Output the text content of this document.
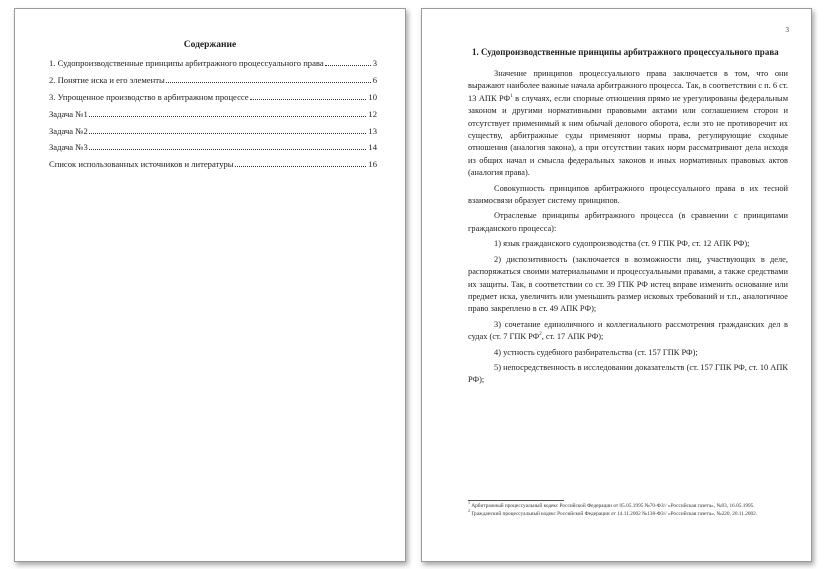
Содержание
1. Судопроизводственные принципы арбитражного процессуального права	3
2. Понятие иска и его элементы	6
3. Упрощенное производство в арбитражном процессе	10
Задача №1	12
Задача №2	13
Задача №3	14
Список использованных источников и литературы	16
3
1. Судопроизводственные принципы арбитражного процессуального права

Значение принципов процессуального права заключается в том, что они выражают наиболее важные начала арбитражного процесса. Так, в соответствии с п. 6 ст. 13 АПК $РФ^1$ в случаях, если спорные отношения прямо не урегулированы федеральным законом и другими нормативными правовыми актами или соглашением сторон и отсутствует применимый к ним обычай делового оборота, если это не противоречит их существу, арбитражные суды применяют нормы права, регулирующие сходные отношения (аналогия закона), а при отсутствии таких норм рассматривают дела исходя из общих начал и смысла федеральных законов и иных нормативных правовых актов (аналогия права).

Совокупность принципов арбитражного процессуального права в их тесной взаимосвязи образует систему принципов.

Отраслевые принципы арбитражного процесса (в сравнении с принципами гражданского процесса):

1) язык гражданского судопроизводства (ст. 9 ГПК РФ, ст. 12 АПК РФ);

2) диспозитивность (заключается в возможности лиц, участвующих в деле, распоряжаться своими материальными и процессуальными правами, а также средствами их защиты. Так, в соответствии со ст. 39 ГПК РФ истец вправе изменить основание или предмет иска, увеличить или уменьшить размер исковых требований и т.п., аналогичное право закреплено в ст. 49 АПК РФ);

3) сочетание единоличного и коллегиального рассмотрения гражданских дел в судах (ст. 7 ГПК $РФ^2$, ст. 17 АПК РФ);

4) устность судебного разбирательства (ст. 157 ГПК РФ);

5) непосредственность в исследовании доказательств (ст. 157 ГПК РФ, ст. 10 АПК РФ);

$^1$ Арбитражный процессуальный кодекс Российской Федерации от 05.05.1995 №70-ФЗ// «Российская газета», №93, 16.05.1995.

$^2$ Гражданский процессуальный кодекс Российской Федерации от 14.11.2002 №138-ФЗ// «Российская газета», №220, 20.11.2002.
